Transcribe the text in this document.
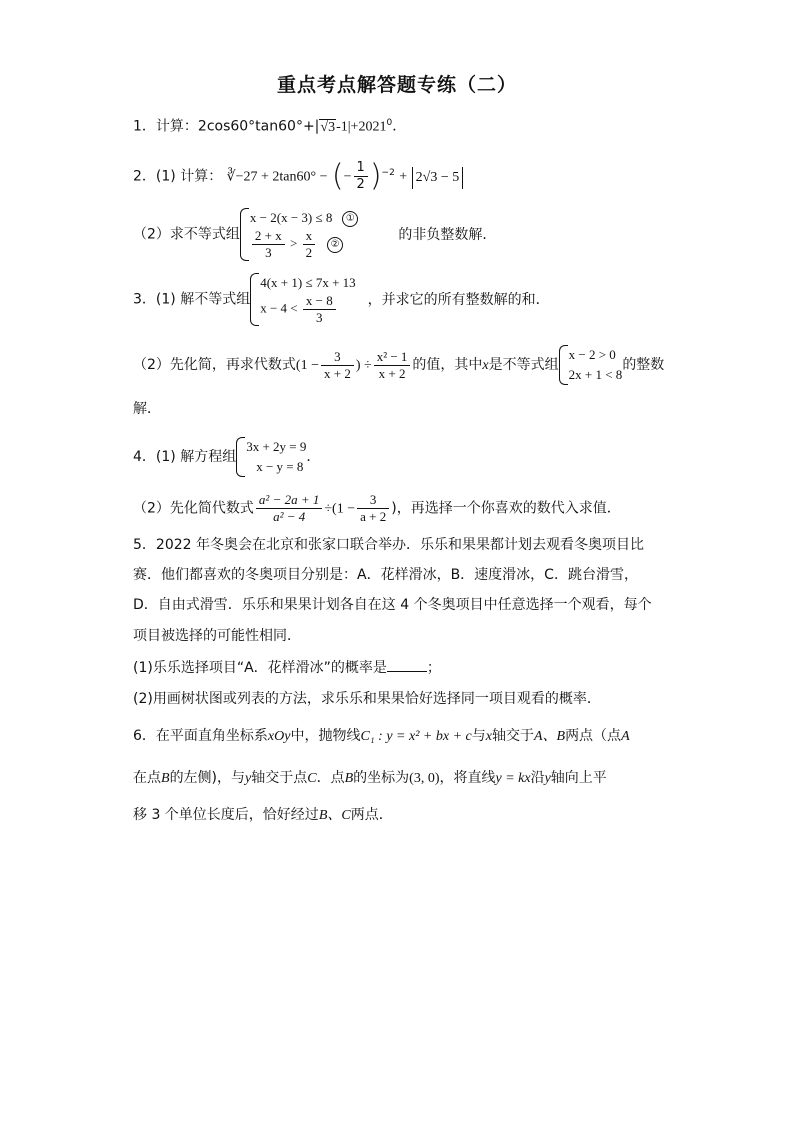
重点考点解答题专练（二）
1．计算：$2\cos 60^\circ\tan 60^\circ+|√3-1|+2021^0$．
2．(1) 计算： ∛−27 + 2tan60° − (− $\frac{1}{2} )^{-2} + 2√3 - 5$
（2）求不等式组
x − 2(x − 3) ≤ 8 ①
$\frac{2 + x}{3} > \frac{x}{2}$ ②
的非负整数解．
3．(1) 解不等式组
4(x + 1) ≤ 7x + 13
$x - 4 < \frac{x - 8}{3}$ ，并求它的所有整数解的和．
（2）先化简，再求代数式($1 - \frac{3}{x + 2}$ ) ÷ $\frac{\text{x² − 1}}{x + 2}$ 的值，其中x是不等式组
x − 2 > 0
2x + 1 < 8
的整数
解．
4．(1) 解方程组
3x + 2y = 9
x − y = 8
．
（2）先化简代数式 $\frac{\text{a² − 2a + 1}}{\text{a² − 4}} \div(1 - \frac{3}{a + 2}$ )，再选择一个你喜欢的数代入求值．
5．2022 年冬奥会在北京和张家口联合举办．乐乐和果果都计划去观看冬奥项目比
赛．他们都喜欢的冬奥项目分别是：A．花样滑冰，B．速度滑冰，C．跳台滑雪，
D．自由式滑雪．乐乐和果果计划各自在这 4 个冬奥项目中任意选择一个观看，每个
项目被选择的可能性相同．
(1)乐乐选择项目“A．花样滑冰”的概率是	；
(2)用画树状图或列表的方法，求乐乐和果果恰好选择同一项目观看的概率．
6．在平面直角坐标系xOy中，抛物线C₁ : y = x² + bx + c与x轴交于A、B两点（点A
在点B的左侧)，与y轴交于点C．点B的坐标为(3, 0)，将直线y = kx沿y轴向上平
移 3 个单位长度后，恰好经过B、C两点．
